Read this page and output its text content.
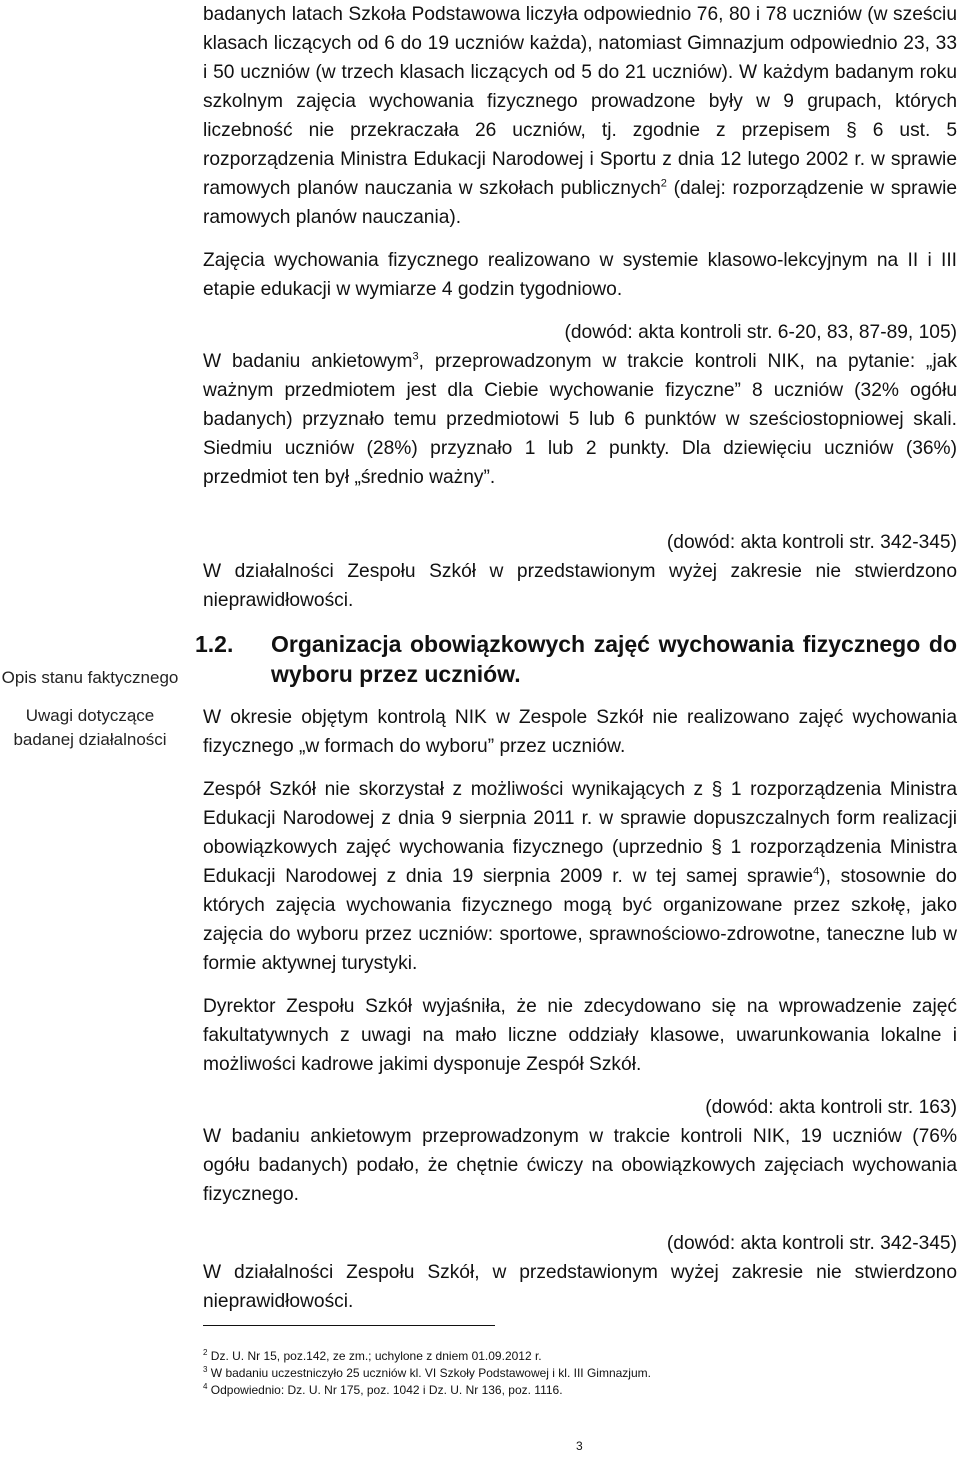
Opis stanu faktycznego
Uwagi dotyczące badanej działalności

badanych latach Szkoła Podstawowa liczyła odpowiednio 76, 80 i 78 uczniów (w sześciu klasach liczących od 6 do 19 uczniów każda), natomiast Gimnazjum odpowiednio 23, 33 i 50 uczniów (w trzech klasach liczących od 5 do 21 uczniów). W każdym badanym roku szkolnym zajęcia wychowania fizycznego prowadzone były w 9 grupach, których liczebność nie przekraczała 26 uczniów, tj. zgodnie z przepisem § 6 ust. 5 rozporządzenia Ministra Edukacji Narodowej i Sportu z dnia 12 lutego 2002 r. w sprawie ramowych planów nauczania w szkołach publicznych$^2$ (dalej: rozporządzenie w sprawie ramowych planów nauczania).

Zajęcia wychowania fizycznego realizowano w systemie klasowo-lekcyjnym na II i III etapie edukacji w wymiarze 4 godzin tygodniowo.

(dowód: akta kontroli str. 6-20, 83, 87-89, 105)

W badaniu ankietowym$^3$, przeprowadzonym w trakcie kontroli NIK, na pytanie: „jak ważnym przedmiotem jest dla Ciebie wychowanie fizyczne” 8 uczniów (32% ogółu badanych) przyznało temu przedmiotowi 5 lub 6 punktów w sześciostopniowej skali. Siedmiu uczniów (28%) przyznało 1 lub 2 punkty. Dla dziewięciu uczniów (36%) przedmiot ten był „średnio ważny”.

(dowód: akta kontroli str. 342-345)

W działalności Zespołu Szkół w przedstawionym wyżej zakresie nie stwierdzono nieprawidłowości.

1.2. Organizacja obowiązkowych zajęć wychowania fizycznego do wyboru przez uczniów.

W okresie objętym kontrolą NIK w Zespole Szkół nie realizowano zajęć wychowania fizycznego „w formach do wyboru” przez uczniów.

Zespół Szkół nie skorzystał z możliwości wynikających z § 1 rozporządzenia Ministra Edukacji Narodowej z dnia 9 sierpnia 2011 r. w sprawie dopuszczalnych form realizacji obowiązkowych zajęć wychowania fizycznego (uprzednio § 1 rozporządzenia Ministra Edukacji Narodowej z dnia 19 sierpnia 2009 r. w tej samej sprawie$^4$), stosownie do których zajęcia wychowania fizycznego mogą być organizowane przez szkołę, jako zajęcia do wyboru przez uczniów: sportowe, sprawnościowo-zdrowotne, taneczne lub w formie aktywnej turystyki.

Dyrektor Zespołu Szkół wyjaśniła, że nie zdecydowano się na wprowadzenie zajęć fakultatywnych z uwagi na mało liczne oddziały klasowe, uwarunkowania lokalne i możliwości kadrowe jakimi dysponuje Zespół Szkół.

(dowód: akta kontroli str. 163)

W badaniu ankietowym przeprowadzonym w trakcie kontroli NIK, 19 uczniów (76% ogółu badanych) podało, że chętnie ćwiczy na obowiązkowych zajęciach wychowania fizycznego.

(dowód: akta kontroli str. 342-345)

W działalności Zespołu Szkół, w przedstawionym wyżej zakresie nie stwierdzono nieprawidłowości.

$^2$ Dz. U. Nr 15, poz.142, ze zm.; uchylone z dniem 01.09.2012 r.

$^3$ W badaniu uczestniczyło 25 uczniów kl. VI Szkoły Podstawowej i kl. III Gimnazjum.

$^4$ Odpowiednio: Dz. U. Nr 175, poz. 1042 i Dz. U. Nr 136, poz. 1116.

3
